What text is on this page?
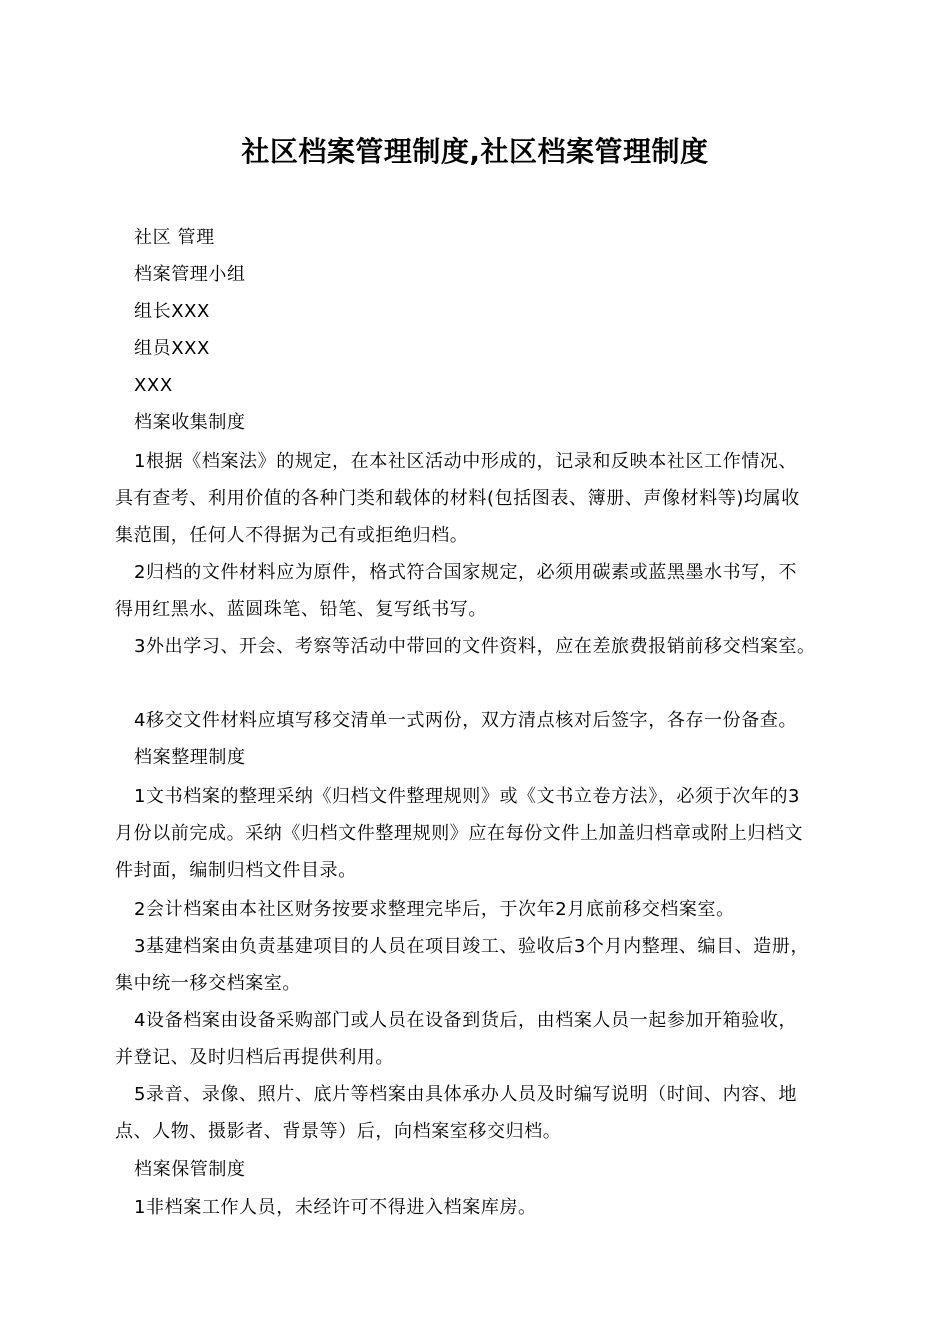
社区档案管理制度,社区档案管理制度
社区 管理
档案管理小组
组长XXX
组员XXX
XXX
档案收集制度
1根据《档案法》的规定，在本社区活动中形成的，记录和反映本社区工作情况、
具有查考、利用价值的各种门类和载体的材料(包括图表、簿册、声像材料等)均属收
集范围，任何人不得据为己有或拒绝归档。
2归档的文件材料应为原件，格式符合国家规定，必须用碳素或蓝黑墨水书写，不
得用红黑水、蓝圆珠笔、铅笔、复写纸书写。
3外出学习、开会、考察等活动中带回的文件资料，应在差旅费报销前移交档案室。
4移交文件材料应填写移交清单一式两份，双方清点核对后签字，各存一份备查。
档案整理制度
1文书档案的整理采纳《归档文件整理规则》或《文书立卷方法》，必须于次年的3
月份以前完成。采纳《归档文件整理规则》应在每份文件上加盖归档章或附上归档文
件封面，编制归档文件目录。
2会计档案由本社区财务按要求整理完毕后，于次年2月底前移交档案室。
3基建档案由负责基建项目的人员在项目竣工、验收后3个月内整理、编目、造册，
集中统一移交档案室。
4设备档案由设备采购部门或人员在设备到货后，由档案人员一起参加开箱验收，
并登记、及时归档后再提供利用。
5录音、录像、照片、底片等档案由具体承办人员及时编写说明（时间、内容、地
点、人物、摄影者、背景等）后，向档案室移交归档。
档案保管制度
1非档案工作人员，未经许可不得进入档案库房。
